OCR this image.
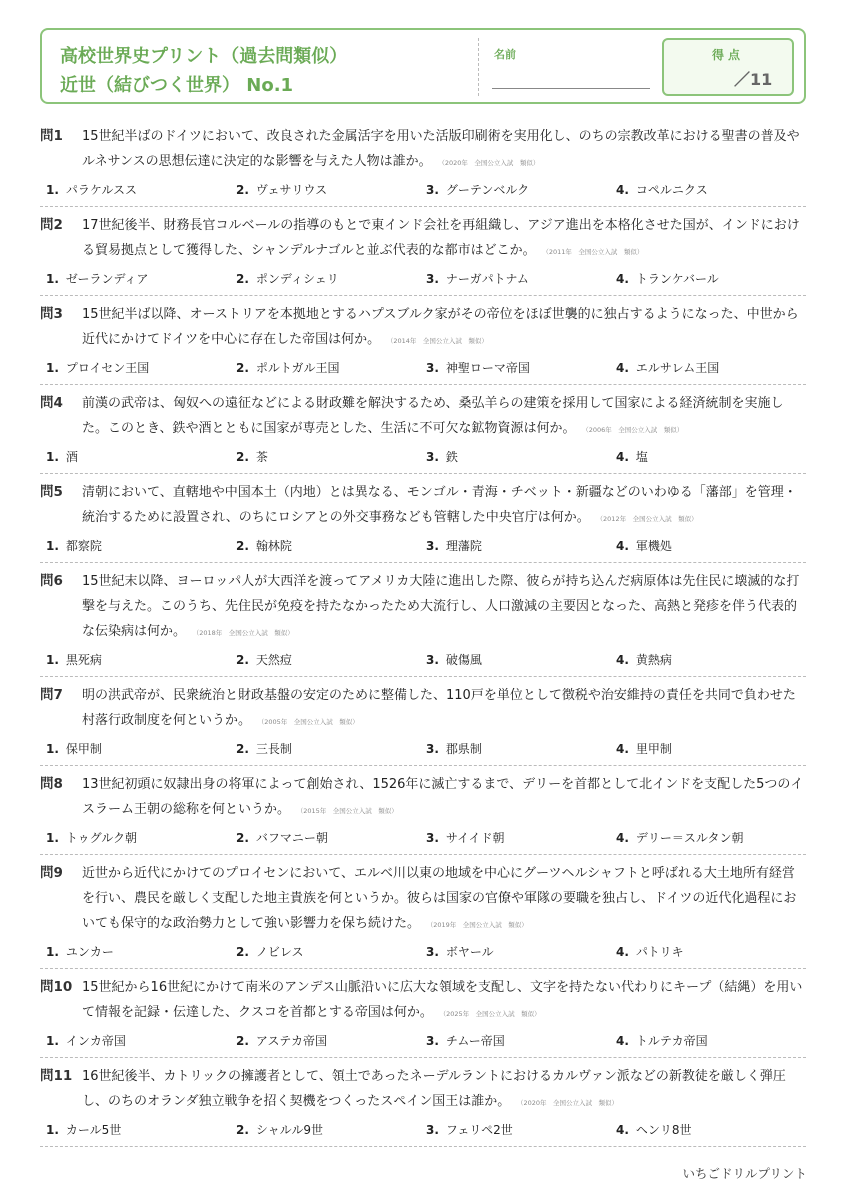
高校世界史プリント（過去問類似）
近世（結びつく世界） No.1
名前	得点
／11
問1	15世紀半ばのドイツにおいて、改良された金属活字を用いた活版印刷術を実用化し、のちの宗教改革における聖書の普及やルネサンスの思想伝達に決定的な影響を与えた人物は誰か。 （2020年　全国公立入試　類似）
1. パラケルスス	2. ヴェサリウス	3. グーテンベルク	4. コペルニクス
問2	17世紀後半、財務長官コルベールの指導のもとで東インド会社を再組織し、アジア進出を本格化させた国が、インドにおける貿易拠点として獲得した、シャンデルナゴルと並ぶ代表的な都市はどこか。 （2011年　全国公立入試　類似）
1. ゼーランディア	2. ポンディシェリ	3. ナーガパトナム	4. トランケバール
問3	15世紀半ば以降、オーストリアを本拠地とするハプスブルク家がその帝位をほぼ世襲的に独占するようになった、中世から近代にかけてドイツを中心に存在した帝国は何か。 （2014年　全国公立入試　類似）
1. プロイセン王国	2. ポルトガル王国	3. 神聖ローマ帝国	4. エルサレム王国
問4	前漢の武帝は、匈奴への遠征などによる財政難を解決するため、桑弘羊らの建策を採用して国家による経済統制を実施した。このとき、鉄や酒とともに国家が専売とした、生活に不可欠な鉱物資源は何か。 （2006年　全国公立入試　類似）
1. 酒	2. 茶	3. 鉄	4. 塩
問5	清朝において、直轄地や中国本土（内地）とは異なる、モンゴル・青海・チベット・新疆などのいわゆる「藩部」を管理・統治するために設置され、のちにロシアとの外交事務なども管轄した中央官庁は何か。 （2012年　全国公立入試　類似）
1. 都察院	2. 翰林院	3. 理藩院	4. 軍機処
問6	15世紀末以降、ヨーロッパ人が大西洋を渡ってアメリカ大陸に進出した際、彼らが持ち込んだ病原体は先住民に壊滅的な打撃を与えた。このうち、先住民が免疫を持たなかったため大流行し、人口激減の主要因となった、高熱と発疹を伴う代表的な伝染病は何か。 （2018年　全国公立入試　類似）
1. 黒死病	2. 天然痘	3. 破傷風	4. 黄熱病
問7	明の洪武帝が、民衆統治と財政基盤の安定のために整備した、110戸を単位として徴税や治安維持の責任を共同で負わせた村落行政制度を何というか。 （2005年　全国公立入試　類似）
1. 保甲制	2. 三長制	3. 郡県制	4. 里甲制
問8	13世紀初頭に奴隷出身の将軍によって創始され、1526年に滅亡するまで、デリーを首都として北インドを支配した5つのイスラーム王朝の総称を何というか。 （2015年　全国公立入試　類似）
1. トゥグルク朝	2. バフマニー朝	3. サイイド朝	4. デリー＝スルタン朝
問9	近世から近代にかけてのプロイセンにおいて、エルベ川以東の地域を中心にグーツヘルシャフトと呼ばれる大土地所有経営を行い、農民を厳しく支配した地主貴族を何というか。彼らは国家の官僚や軍隊の要職を独占し、ドイツの近代化過程においても保守的な政治勢力として強い影響力を保ち続けた。 （2019年　全国公立入試　類似）
1. ユンカー	2. ノビレス	3. ボヤール	4. パトリキ
問10 15世紀から16世紀にかけて南米のアンデス山脈沿いに広大な領域を支配し、文字を持たない代わりにキープ（結縄）を用いて情報を記録・伝達した、クスコを首都とする帝国は何か。 （2025年　全国公立入試　類似）
1. インカ帝国	2. アステカ帝国	3. チムー帝国	4. トルテカ帝国
問11 16世紀後半、カトリックの擁護者として、領土であったネーデルラントにおけるカルヴァン派などの新教徒を厳しく弾圧し、のちのオランダ独立戦争を招く契機をつくったスペイン国王は誰か。 （2020年　全国公立入試　類似）
1. カール5世	2. シャルル9世	3. フェリペ2世	4. ヘンリ8世
いちごドリルプリント
